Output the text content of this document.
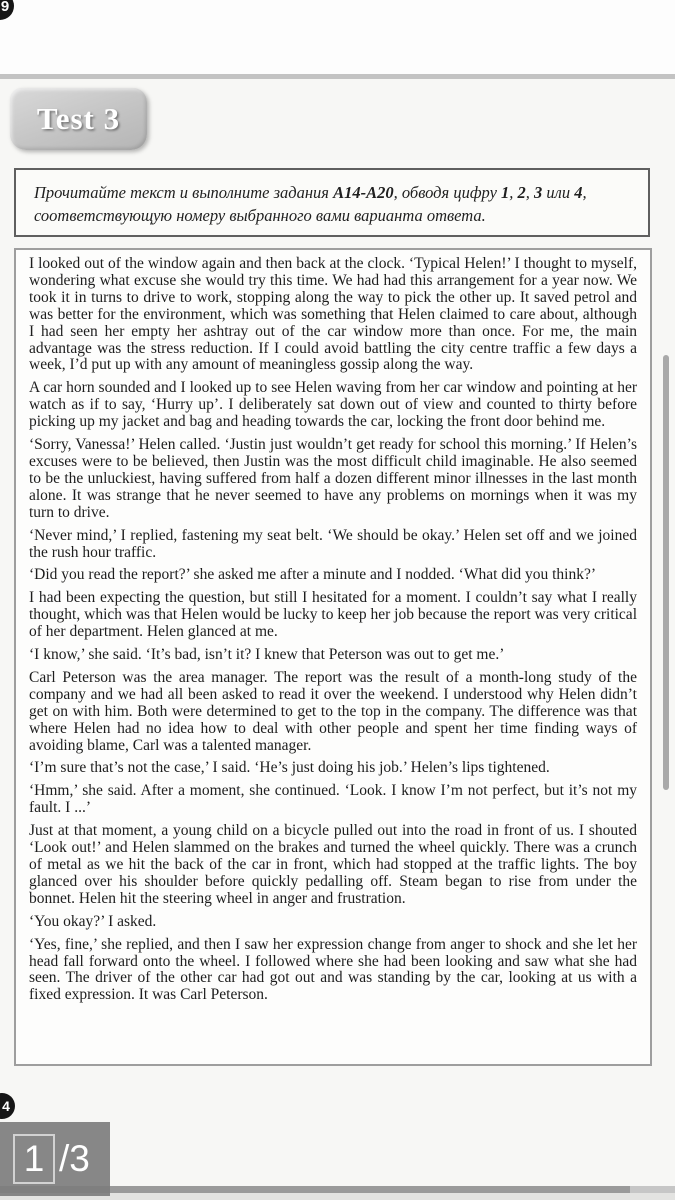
9
Test 3
Прочитайте текст и выполните задания А14-А20, обводя цифру 1, 2, 3 или 4, соответствующую номеру выбранного вами варианта ответа.

I looked out of the window again and then back at the clock. ‘Typical Helen!’ I thought to myself, wondering what excuse she would try this time. We had had this arrangement for a year now. We took it in turns to drive to work, stopping along the way to pick the other up. It saved petrol and was better for the environment, which was something that Helen claimed to care about, although I had seen her empty her ashtray out of the car window more than once. For me, the main advantage was the stress reduction. If I could avoid battling the city centre traffic a few days a week, I’d put up with any amount of meaningless gossip along the way.

A car horn sounded and I looked up to see Helen waving from her car window and pointing at her watch as if to say, ‘Hurry up’. I deliberately sat down out of view and counted to thirty before picking up my jacket and bag and heading towards the car, locking the front door behind me.

‘Sorry, Vanessa!’ Helen called. ‘Justin just wouldn’t get ready for school this morning.’ If Helen’s excuses were to be believed, then Justin was the most difficult child imaginable. He also seemed to be the unluckiest, having suffered from half a dozen different minor illnesses in the last month alone. It was strange that he never seemed to have any problems on mornings when it was my turn to drive.

‘Never mind,’ I replied, fastening my seat belt. ‘We should be okay.’ Helen set off and we joined the rush hour traffic.

‘Did you read the report?’ she asked me after a minute and I nodded. ‘What did you think?’

I had been expecting the question, but still I hesitated for a moment. I couldn’t say what I really thought, which was that Helen would be lucky to keep her job because the report was very critical of her department. Helen glanced at me.

‘I know,’ she said. ‘It’s bad, isn’t it? I knew that Peterson was out to get me.’

Carl Peterson was the area manager. The report was the result of a month-long study of the company and we had all been asked to read it over the weekend. I understood why Helen didn’t get on with him. Both were determined to get to the top in the company. The difference was that where Helen had no idea how to deal with other people and spent her time finding ways of avoiding blame, Carl was a talented manager.

‘I’m sure that’s not the case,’ I said. ‘He’s just doing his job.’ Helen’s lips tightened.

‘Hmm,’ she said. After a moment, she continued. ‘Look. I know I’m not perfect, but it’s not my fault. I ...’

Just at that moment, a young child on a bicycle pulled out into the road in front of us. I shouted ‘Look out!’ and Helen slammed on the brakes and turned the wheel quickly. There was a crunch of metal as we hit the back of the car in front, which had stopped at the traffic lights. The boy glanced over his shoulder before quickly pedalling off. Steam began to rise from under the bonnet. Helen hit the steering wheel in anger and frustration.

‘You okay?’ I asked.

‘Yes, fine,’ she replied, and then I saw her expression change from anger to shock and she let her head fall forward onto the wheel. I followed where she had been looking and saw what she had seen. The driver of the other car had got out and was standing by the car, looking at us with a fixed expression. It was Carl Peterson.

1 /3
4
